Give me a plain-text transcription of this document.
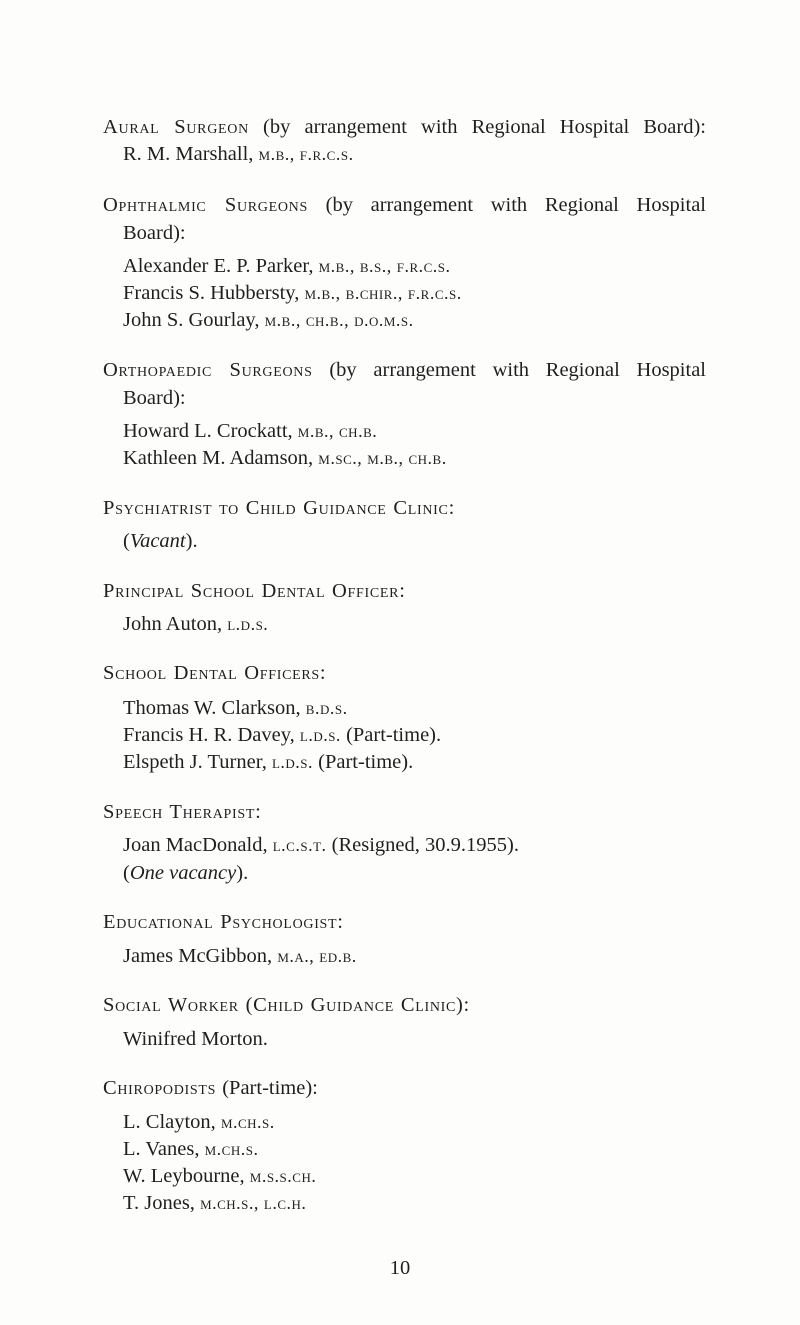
Aural Surgeon (by arrangement with Regional Hospital Board):
R. M. Marshall, m.b., f.r.c.s.
Ophthalmic Surgeons (by arrangement with Regional Hospital
Board):
Alexander E. P. Parker, m.b., b.s., f.r.c.s.
Francis S. Hubbersty, m.b., b.chir., f.r.c.s.
John S. Gourlay, m.b., ch.b., d.o.m.s.
Orthopaedic Surgeons (by arrangement with Regional Hospital
Board):
Howard L. Crockatt, m.b., ch.b.
Kathleen M. Adamson, m.sc., m.b., ch.b.
Psychiatrist to Child Guidance Clinic:
(Vacant).
Principal School Dental Officer:
John Auton, l.d.s.
School Dental Officers:
Thomas W. Clarkson, b.d.s.
Francis H. R. Davey, l.d.s. (Part-time).
Elspeth J. Turner, l.d.s. (Part-time).
Speech Therapist:
Joan MacDonald, l.c.s.t. (Resigned, 30.9.1955).
(One vacancy).
Educational Psychologist:
James McGibbon, m.a., ed.b.
Social Worker (Child Guidance Clinic):
Winifred Morton.
Chiropodists (Part-time):
L. Clayton, m.ch.s.
L. Vanes, m.ch.s.
W. Leybourne, m.s.s.ch.
T. Jones, m.ch.s., l.c.h.
10
